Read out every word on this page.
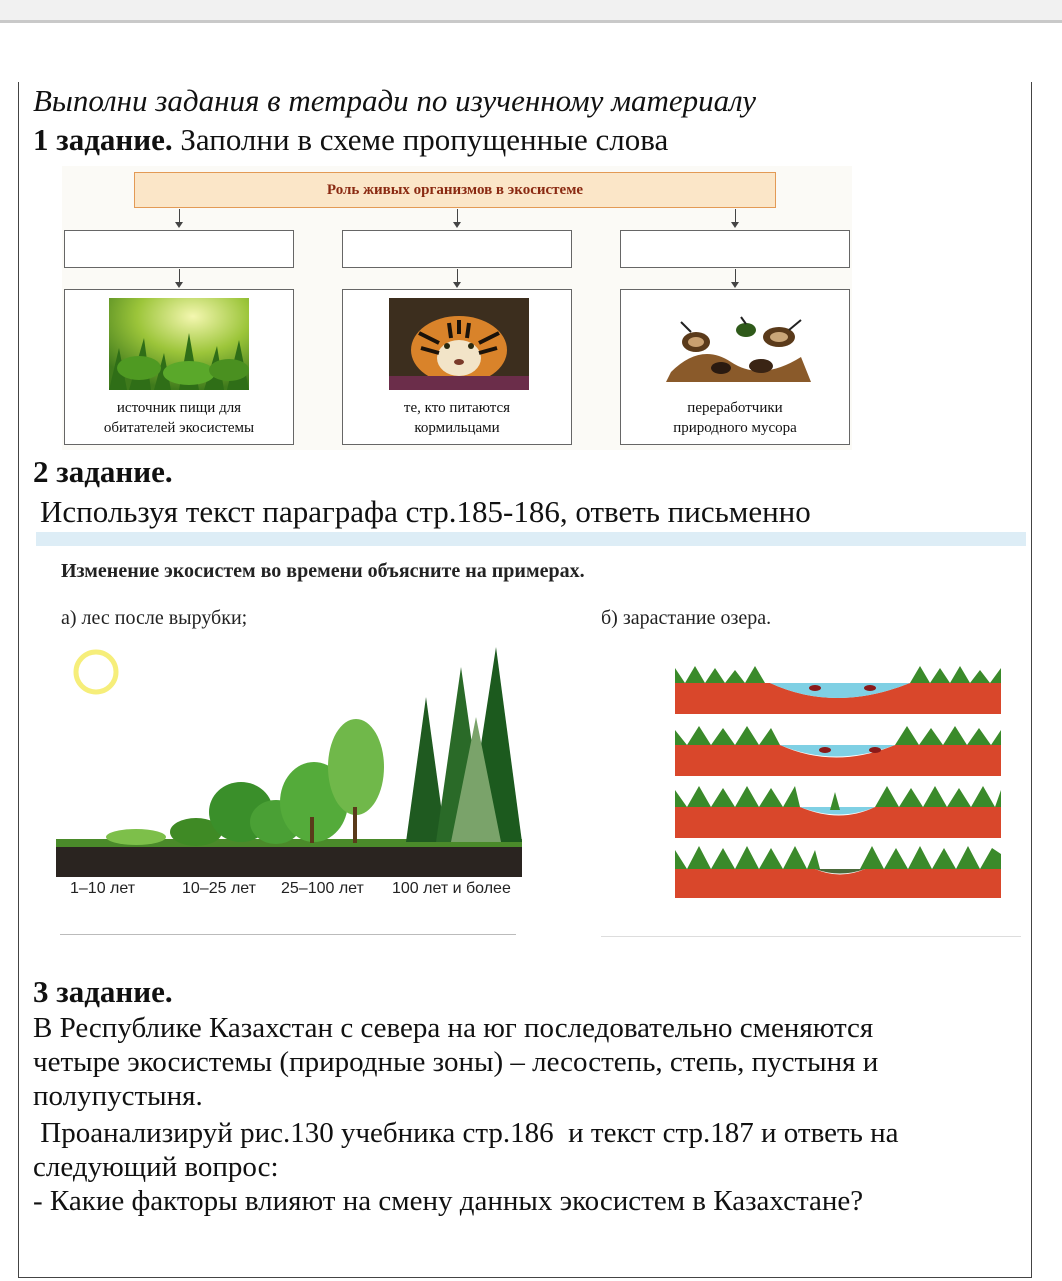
Выполни задания в тетради по изученному материалу
1 задание. Заполни в схеме пропущенные слова
Роль живых организмов в экосистеме
источник пищи для
обитателей экосистемы
те, кто питаются
кормильцами
переработчики
природного мусора
2 задание.
Используя текст параграфа стр.185-186, ответь письменно
Изменение экосистем во времени объясните на примерах.
а) лес после вырубки;	б) зарастание озера.
1–10 лет	10–25 лет 25–100 лет 100 лет и более
3 задание.
В Республике Казахстан с севера на юг последовательно сменяются
четыре экосистемы (природные зоны) – лесостепь, степь, пустыня и
полупустыня.
Проанализируй рис.130 учебника стр.186  и текст стр.187 и ответь на
следующий вопрос:
- Какие факторы влияют на смену данных экосистем в Казахстане?
